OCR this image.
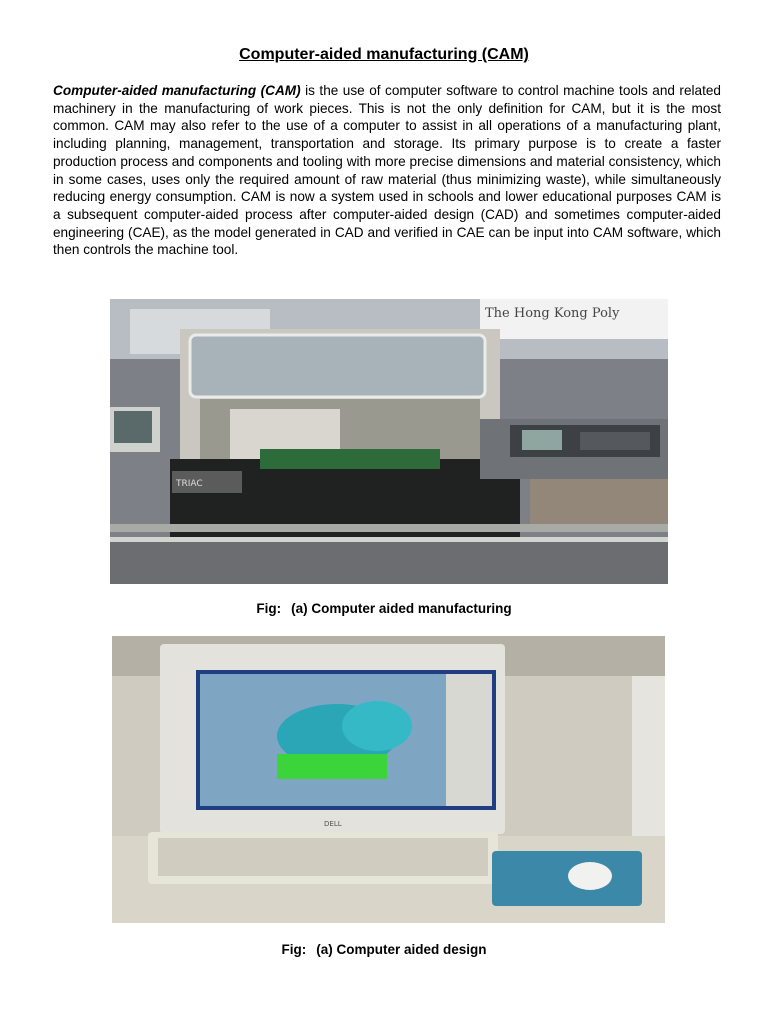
Computer-aided manufacturing (CAM)
Computer-aided manufacturing (CAM) is the use of computer software to control machine tools and related machinery in the manufacturing of work pieces. This is not the only definition for CAM, but it is the most common. CAM may also refer to the use of a computer to assist in all operations of a manufacturing plant, including planning, management, transportation and storage. Its primary purpose is to create a faster production process and components and tooling with more precise dimensions and material consistency, which in some cases, uses only the required amount of raw material (thus minimizing waste), while simultaneously reducing energy consumption. CAM is now a system used in schools and lower educational purposes CAM is a subsequent computer-aided process after computer-aided design (CAD) and sometimes computer-aided engineering (CAE), as the model generated in CAD and verified in CAE can be input into CAM software, which then controls the machine tool.
The Hong Kong Poly
TRIAC
Fig: (a) Computer aided manufacturing
DELL
Fig: (a) Computer aided design
